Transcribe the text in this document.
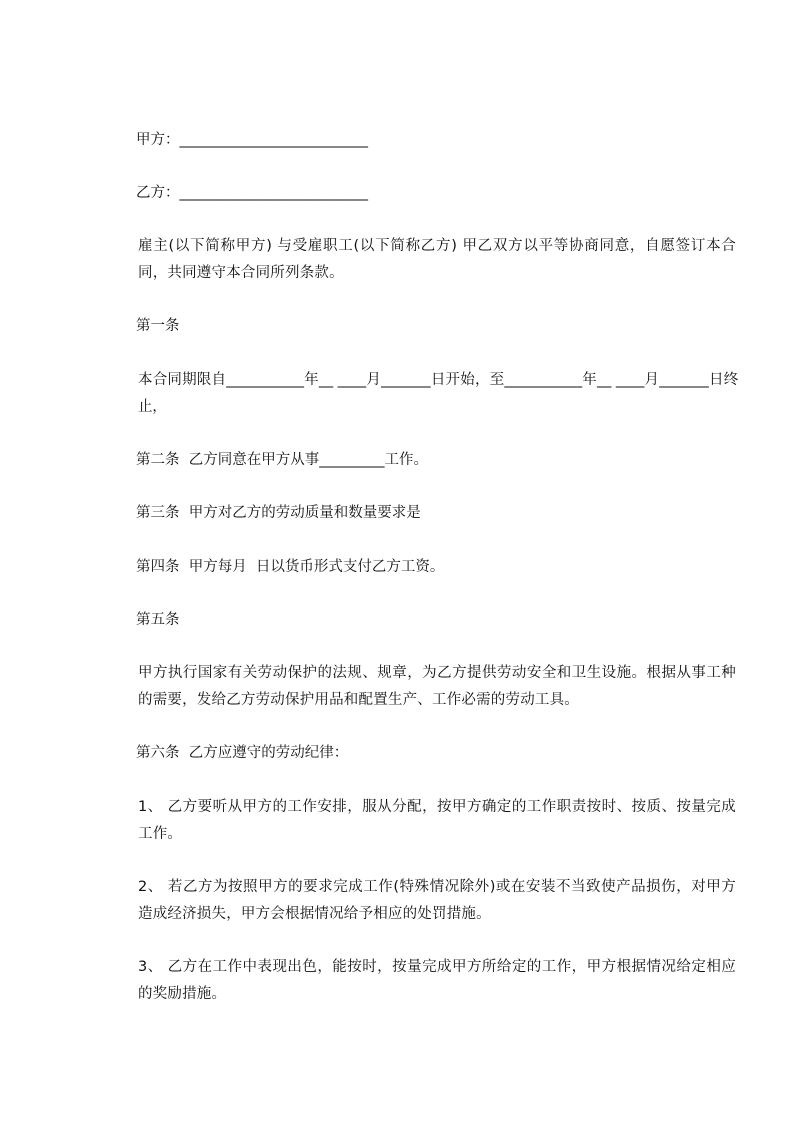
甲方：__________________________

乙方：__________________________

雇主(以下简称甲方) 与受雇职工(以下简称乙方) 甲乙双方以平等协商同意，自愿签订本合同，共同遵守本合同所列条款。

第一条

本合同期限自___________年__ ____月_______日开始，至___________年__ ____月_______日终止，

第二条  乙方同意在甲方从事_________工作。

第三条  甲方对乙方的劳动质量和数量要求是

第四条  甲方每月  日以货币形式支付乙方工资。

第五条

甲方执行国家有关劳动保护的法规、规章，为乙方提供劳动安全和卫生设施。根据从事工种的需要，发给乙方劳动保护用品和配置生产、工作必需的劳动工具。

第六条  乙方应遵守的劳动纪律：

1、 乙方要听从甲方的工作安排，服从分配，按甲方确定的工作职责按时、按质、按量完成工作。

2、 若乙方为按照甲方的要求完成工作(特殊情况除外)或在安装不当致使产品损伤，对甲方造成经济损失，甲方会根据情况给予相应的处罚措施。

3、 乙方在工作中表现出色，能按时，按量完成甲方所给定的工作，甲方根据情况给定相应的奖励措施。
